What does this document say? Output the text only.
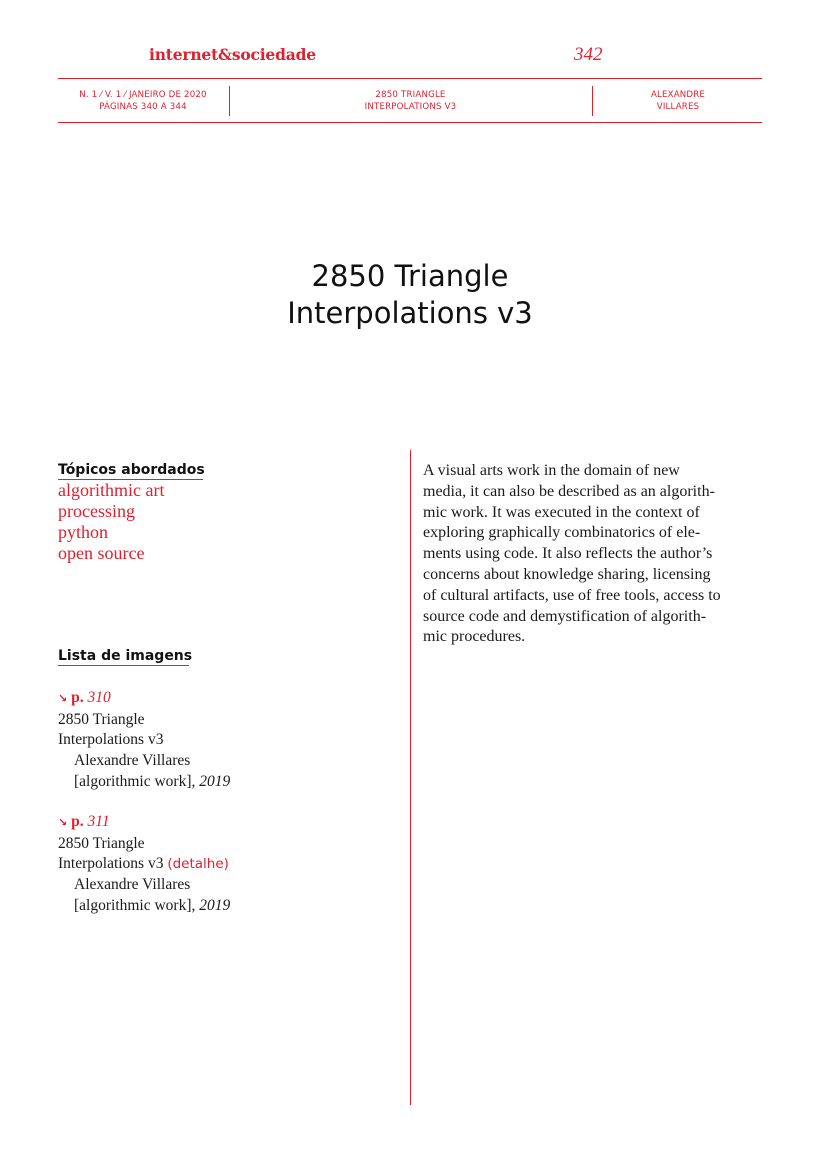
internet&sociedade	342
N. 1 ⁄ V. 1 ⁄ JANEIRO DE 2020
PÁGINAS 340 A 344
2850 TRIANGLE
INTERPOLATIONS V3
ALEXANDRE
VILLARES
2850 Triangle
Interpolations v3
Tópicos abordados
algorithmic art
processing
python
open source
Lista de imagens
↘ p. 310
2850 Triangle
Interpolations v3
Alexandre Villares
[algorithmic work], 2019
↘ p. 311
2850 Triangle
Interpolations v3 (detalhe)
Alexandre Villares
[algorithmic work], 2019
A visual arts work in the domain of new
media, it can also be described as an algorith-
mic work. It was executed in the context of
exploring graphically combinatorics of ele-
ments using code. It also reflects the author’s
concerns about knowledge sharing, licensing
of cultural artifacts, use of free tools, access to
source code and demystification of algorith-
mic procedures.
